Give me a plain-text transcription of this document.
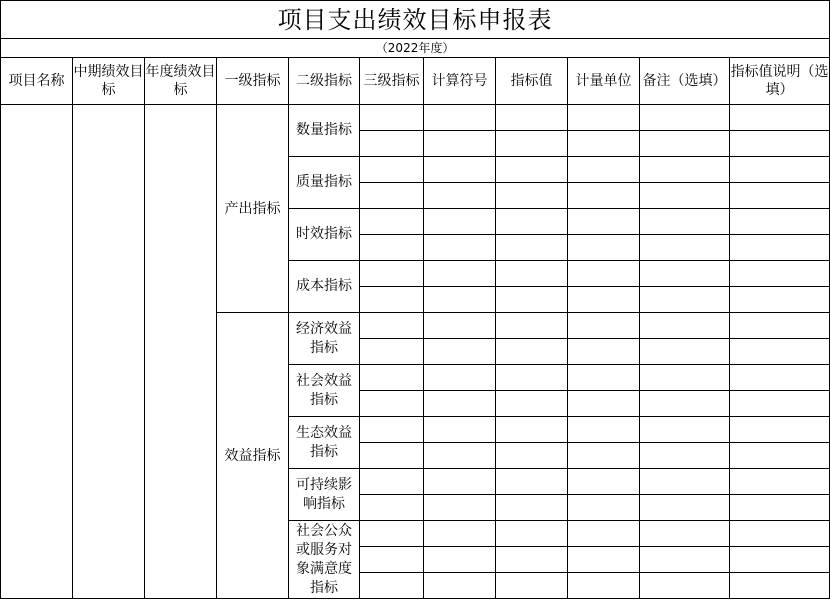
项目支出绩效目标申报表										
（2022年度）										
项目名称	中期绩效目标	年度绩效目标	一级指标	二级指标	三级指标	计算符号	指标值	计量单位	备注（选填）	指标值说明（选填）
			产出指标	数量指标						

				质量指标						

				时效指标						

				成本指标						

			效益指标	经济效益指标						

				社会效益指标						

				生态效益指标						

				可持续影响指标						

				社会公众或服务对象满意度指标						
